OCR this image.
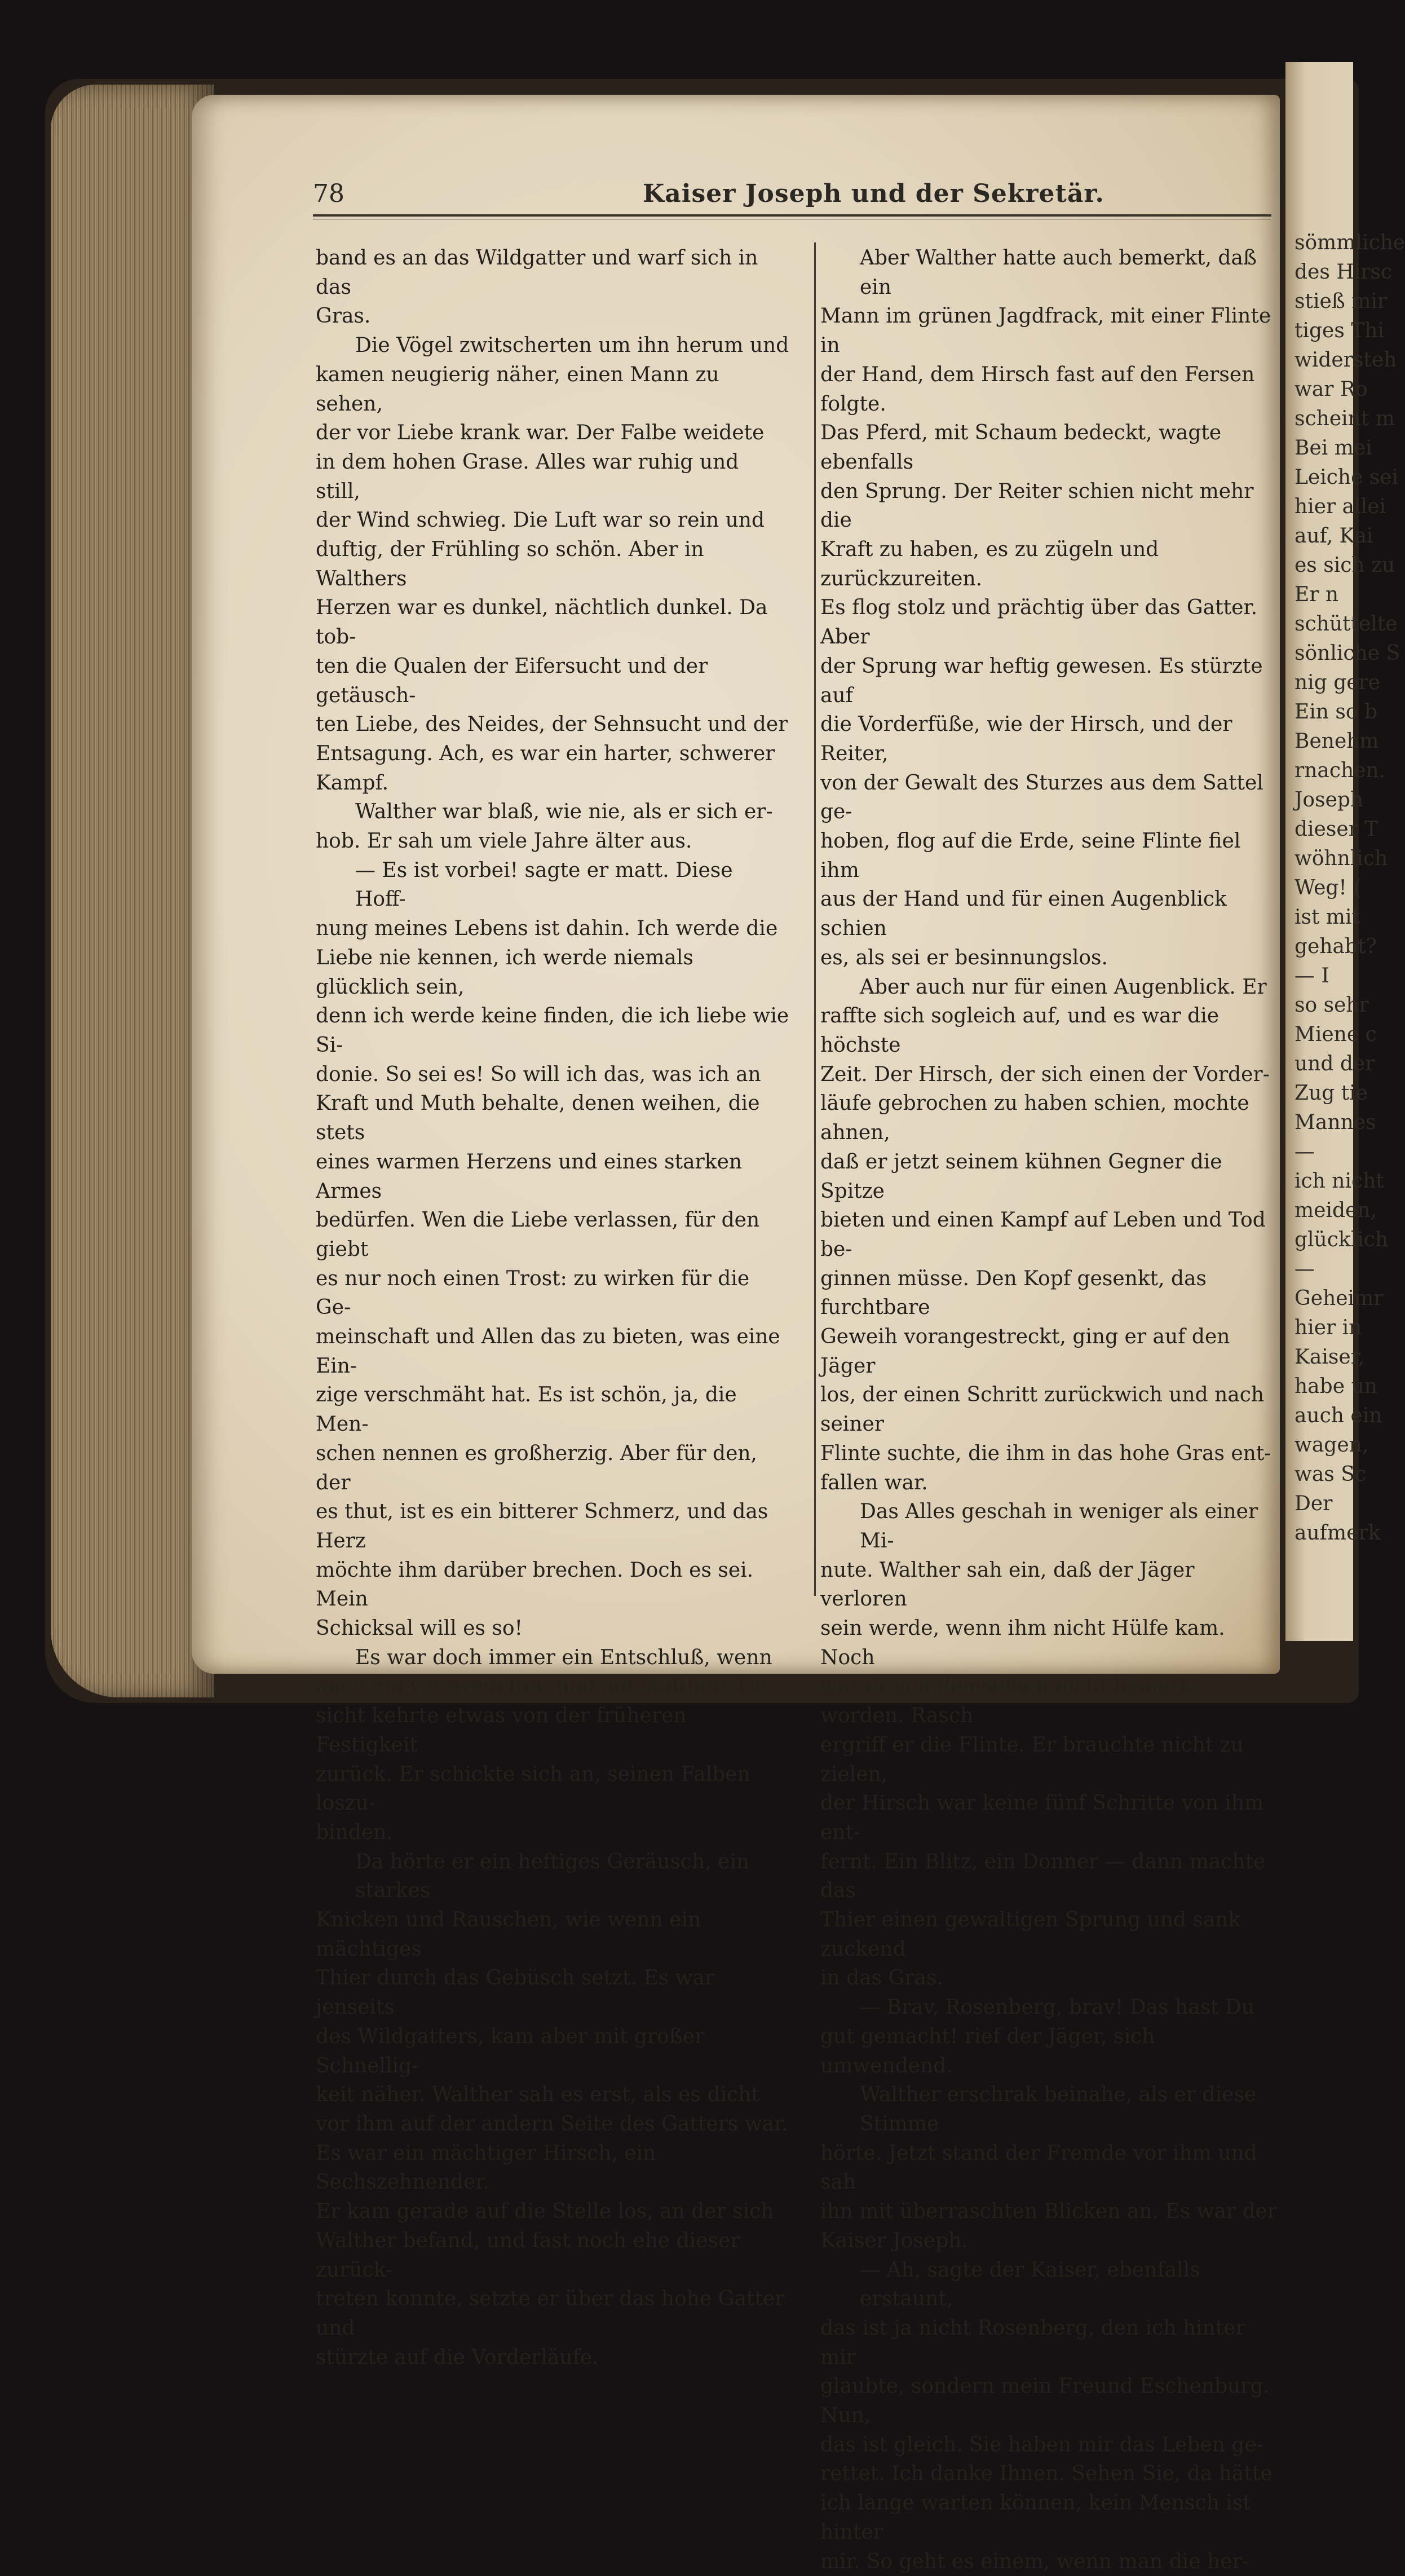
sömmliche
des Hirsc
stieß mir
tiges Thi
widersteh
war Ro
scheint m
Bei mei
Leiche sei
hier allei
auf, Kai
es sich zu
Er n
schüttelte
sönliche S
nig gere
Ein so b
Benehm
rnachen.
Joseph
dieser T
wöhnlich
Weg! (
ist mit
gehabt?
— I
so sehr
Miene c
und der
Zug tie
Mannes
—
ich nicht
meiden,
glücklich
—
Geheimr
hier in
Kaiser,
habe un
auch ein
wagen,
was Sc
Der
aufmerk
78	Kaiser Joseph und der Sekretär.
band es an das Wildgatter und warf sich in das
Gras.
Die Vögel zwitscherten um ihn herum und
kamen neugierig näher, einen Mann zu sehen,
der vor Liebe krank war. Der Falbe weidete
in dem hohen Grase. Alles war ruhig und still,
der Wind schwieg. Die Luft war so rein und
duftig, der Frühling so schön. Aber in Walthers
Herzen war es dunkel, nächtlich dunkel. Da tob-
ten die Qualen der Eifersucht und der getäusch-
ten Liebe, des Neides, der Sehnsucht und der
Entsagung. Ach, es war ein harter, schwerer
Kampf.
Walther war blaß, wie nie, als er sich er-
hob. Er sah um viele Jahre älter aus.
— Es ist vorbei! sagte er matt. Diese Hoff-
nung meines Lebens ist dahin. Ich werde die
Liebe nie kennen, ich werde niemals glücklich sein,
denn ich werde keine finden, die ich liebe wie Si-
donie. So sei es! So will ich das, was ich an
Kraft und Muth behalte, denen weihen, die stets
eines warmen Herzens und eines starken Armes
bedürfen. Wen die Liebe verlassen, für den giebt
es nur noch einen Trost: zu wirken für die Ge-
meinschaft und Allen das zu bieten, was eine Ein-
zige verschmäht hat. Es ist schön, ja, die Men-
schen nennen es großherzig. Aber für den, der
es thut, ist es ein bitterer Schmerz, und das Herz
möchte ihm darüber brechen. Doch es sei. Mein
Schicksal will es so!
Es war doch immer ein Entschluß, wenn
auch ein verzweifelter, und auf Walthers Ge-
sicht kehrte etwas von der früheren Festigkeit
zurück. Er schickte sich an, seinen Falben loszu-
binden.
Da hörte er ein heftiges Geräusch, ein starkes
Knicken und Rauschen, wie wenn ein mächtiges
Thier durch das Gebüsch setzt. Es war jenseits
des Wildgatters, kam aber mit großer Schnellig-
keit näher. Walther sah es erst, als es dicht
vor ihm auf der andern Seite des Gatters war.
Es war ein mächtiger Hirsch, ein Sechszehnender.
Er kam gerade auf die Stelle los, an der sich
Walther befand, und fast noch ehe dieser zurück-
treten konnte, setzte er über das hohe Gatter und
stürzte auf die Vorderläufe.
Aber Walther hatte auch bemerkt, daß ein
Mann im grünen Jagdfrack, mit einer Flinte in
der Hand, dem Hirsch fast auf den Fersen folgte.
Das Pferd, mit Schaum bedeckt, wagte ebenfalls
den Sprung. Der Reiter schien nicht mehr die
Kraft zu haben, es zu zügeln und zurückzureiten.
Es flog stolz und prächtig über das Gatter. Aber
der Sprung war heftig gewesen. Es stürzte auf
die Vorderfüße, wie der Hirsch, und der Reiter,
von der Gewalt des Sturzes aus dem Sattel ge-
hoben, flog auf die Erde, seine Flinte fiel ihm
aus der Hand und für einen Augenblick schien
es, als sei er besinnungslos.
Aber auch nur für einen Augenblick. Er
raffte sich sogleich auf, und es war die höchste
Zeit. Der Hirsch, der sich einen der Vorder-
läufe gebrochen zu haben schien, mochte ahnen,
daß er jetzt seinem kühnen Gegner die Spitze
bieten und einen Kampf auf Leben und Tod be-
ginnen müsse. Den Kopf gesenkt, das furchtbare
Geweih vorangestreckt, ging er auf den Jäger
los, der einen Schritt zurückwich und nach seiner
Flinte suchte, die ihm in das hohe Gras ent-
fallen war.
Das Alles geschah in weniger als einer Mi-
nute. Walther sah ein, daß der Jäger verloren
sein werde, wenn ihm nicht Hülfe kam. Noch
war er von demselben nicht bemerkt worden. Rasch
ergriff er die Flinte. Er brauchte nicht zu zielen,
der Hirsch war keine fünf Schritte von ihm ent-
fernt. Ein Blitz, ein Donner — dann machte das
Thier einen gewaltigen Sprung und sank zuckend
in das Gras.
— Brav, Rosenberg, brav! Das hast Du
gut gemacht! rief der Jäger, sich umwendend.
Walther erschrak beinahe, als er diese Stimme
hörte. Jetzt stand der Fremde vor ihm und sah
ihn mit überraschten Blicken an. Es war der
Kaiser Joseph.
— Ah, sagte der Kaiser, ebenfalls erstaunt,
das ist ja nicht Rosenberg, den ich hinter mir
glaubte, sondern mein Freund Eschenburg. Nun,
das ist gleich. Sie haben mir das Leben ge-
rettet. Ich danke Ihnen. Sehen Sie, da hätte
ich lange warten können, kein Mensch ist hinter
mir. So geht es einem, wenn man die her-
